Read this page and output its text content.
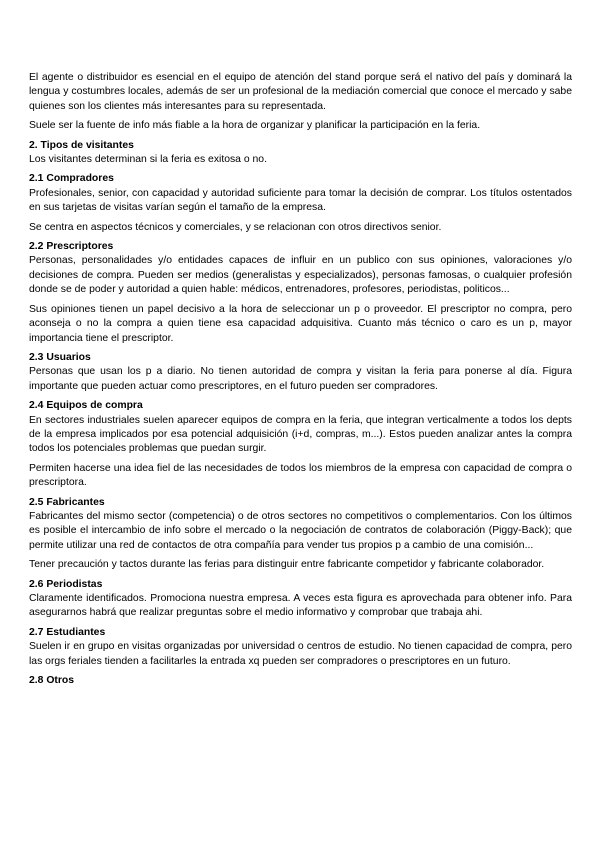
El agente o distribuidor es esencial en el equipo de atención del stand porque será el nativo del país y dominará la lengua y costumbres locales, además de ser un profesional de la mediación comercial que conoce el mercado y sabe quienes son los clientes más interesantes para su representada.

Suele ser la fuente de info más fiable a la hora de organizar y planificar la participación en la feria.

2. Tipos de visitantes

Los visitantes determinan si la feria es exitosa o no.

2.1 Compradores

Profesionales, senior, con capacidad y autoridad suficiente para tomar la decisión de comprar. Los títulos ostentados en sus tarjetas de visitas varían según el tamaño de la empresa.

Se centra en aspectos técnicos y comerciales, y se relacionan con otros directivos senior.

2.2 Prescriptores

Personas, personalidades y/o entidades capaces de influir en un publico con sus opiniones, valoraciones y/o decisiones de compra. Pueden ser medios (generalistas y especializados), personas famosas, o cualquier profesión donde se de poder y autoridad a quien hable: médicos, entrenadores, profesores, periodistas, politicos...

Sus opiniones tienen un papel decisivo a la hora de seleccionar un p o proveedor. El prescriptor no compra, pero aconseja o no la compra a quien tiene esa capacidad adquisitiva. Cuanto más técnico o caro es un p, mayor importancia tiene el prescriptor.

2.3 Usuarios

Personas que usan los p a diario. No tienen autoridad de compra y visitan la feria para ponerse al día. Figura importante que pueden actuar como prescriptores, en el futuro pueden ser compradores.

2.4 Equipos de compra

En sectores industriales suelen aparecer equipos de compra en la feria, que integran verticalmente a todos los depts de la empresa implicados por esa potencial adquisición (i+d, compras, m...). Estos pueden analizar antes la compra todos los potenciales problemas que puedan surgir.

Permiten hacerse una idea fiel de las necesidades de todos los miembros de la empresa con capacidad de compra o prescriptora.

2.5 Fabricantes

Fabricantes del mismo sector (competencia) o de otros sectores no competitivos o complementarios. Con los últimos es posible el intercambio de info sobre el mercado o la negociación de contratos de colaboración (Piggy-Back); que permite utilizar una red de contactos de otra compañía para vender tus propios p a cambio de una comisión...

Tener precaución y tactos durante las ferias para distinguir entre fabricante competidor y fabricante colaborador.

2.6 Periodistas

Claramente identificados. Promociona nuestra empresa. A veces esta figura es aprovechada para obtener info. Para asegurarnos habrá que realizar preguntas sobre el medio informativo y comprobar que trabaja ahi.

2.7 Estudiantes

Suelen ir en grupo en visitas organizadas por universidad o centros de estudio. No tienen capacidad de compra, pero las orgs feriales tienden a facilitarles la entrada xq pueden ser compradores o prescriptores en un futuro.

2.8 Otros
